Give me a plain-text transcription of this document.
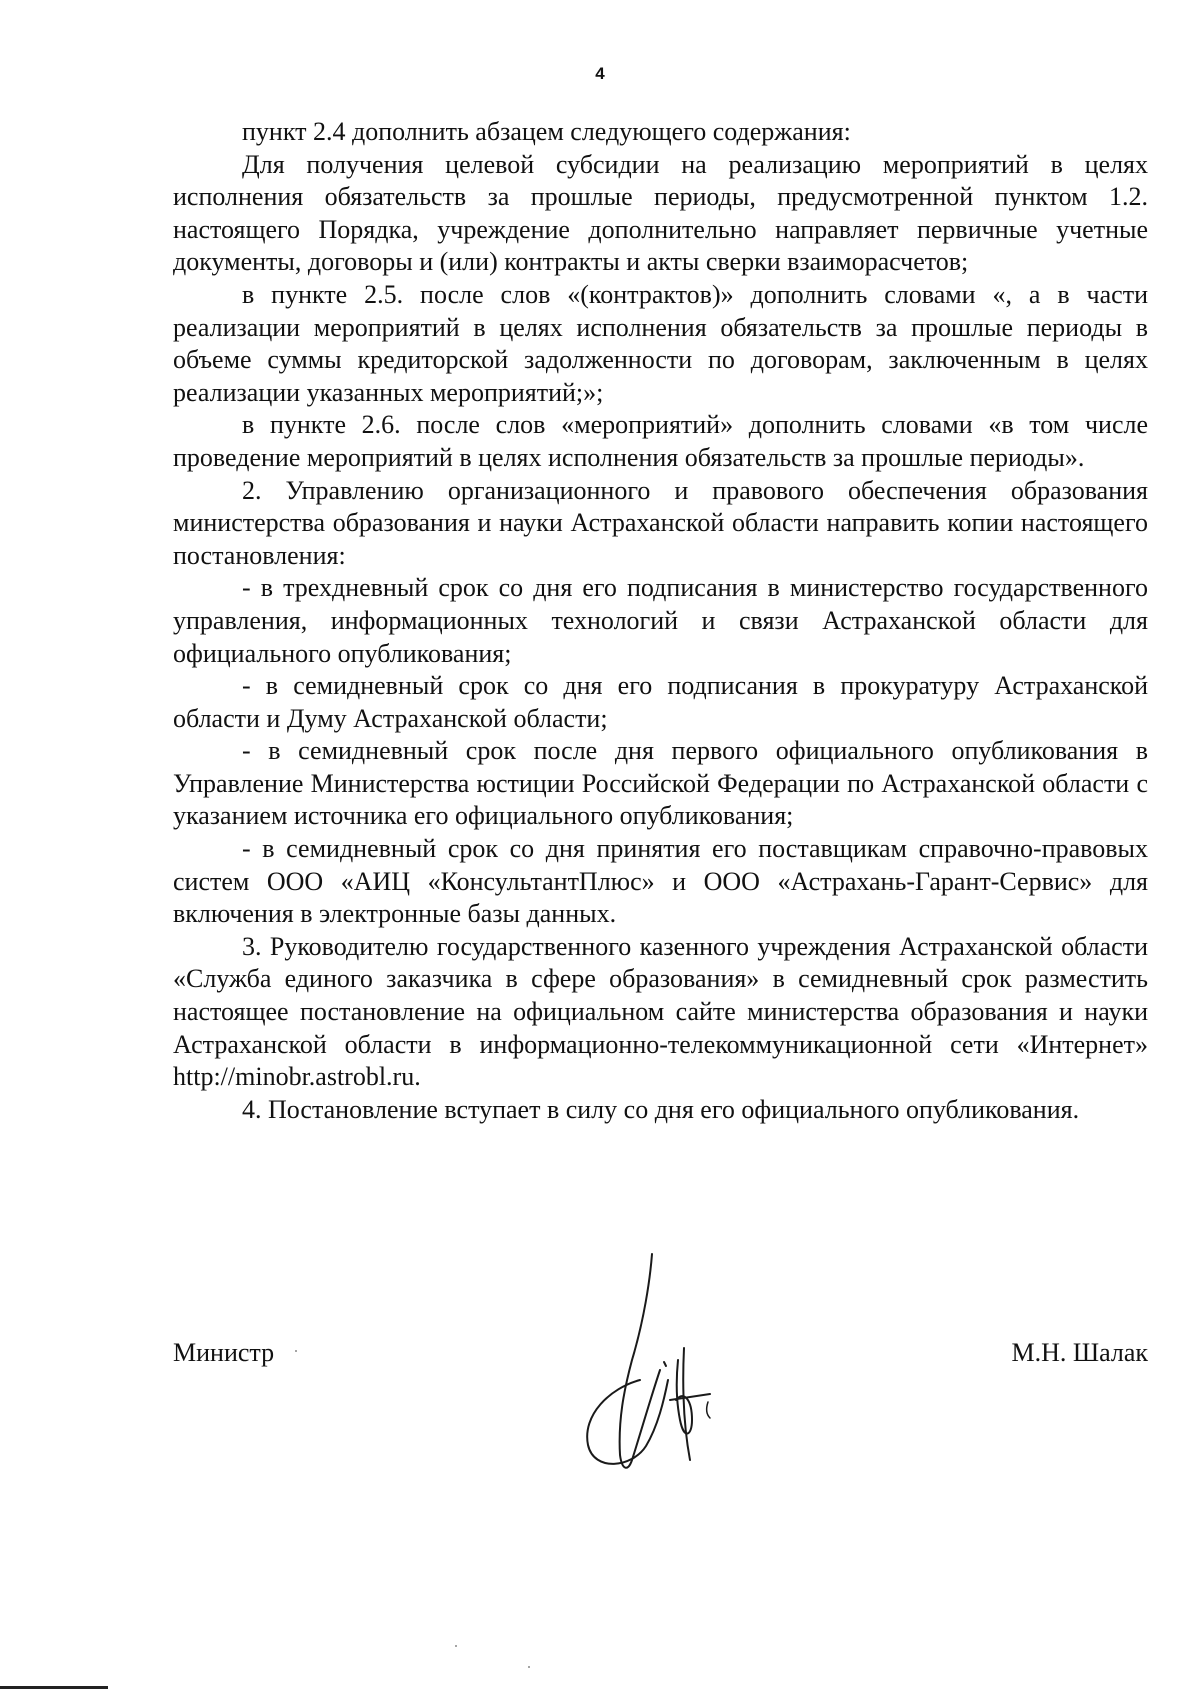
4

пункт 2.4 дополнить абзацем следующего содержания:

Для получения целевой субсидии на реализацию мероприятий в целях исполнения обязательств за прошлые периоды, предусмотренной пунктом 1.2. настоящего Порядка, учреждение дополнительно направляет первичные учетные документы, договоры и (или) контракты и акты сверки взаиморасчетов;

в пункте 2.5. после слов «(контрактов)» дополнить словами «, а в части реализации мероприятий в целях исполнения обязательств за прошлые периоды в объеме суммы кредиторской задолженности по договорам, заключенным в целях реализации указанных мероприятий;»;

в пункте 2.6. после слов «мероприятий» дополнить словами «в том числе проведение мероприятий в целях исполнения обязательств за прошлые периоды».

2. Управлению организационного и правового обеспечения образования министерства образования и науки Астраханской области направить копии настоящего постановления:

- в трехдневный срок со дня его подписания в министерство государственного управления, информационных технологий и связи Астраханской области для официального опубликования;

- в семидневный срок со дня его подписания в прокуратуру Астраханской области и Думу Астраханской области;

- в семидневный срок после дня первого официального опубликования в Управление Министерства юстиции Российской Федерации по Астраханской области с указанием источника его официального опубликования;

- в семидневный срок со дня принятия его поставщикам справочно-правовых систем ООО «АИЦ «КонсультантПлюс» и ООО «Астрахань-Гарант-Сервис» для включения в электронные базы данных.

3. Руководителю государственного казенного учреждения Астраханской области «Служба единого заказчика в сфере образования» в семидневный срок разместить настоящее постановление на официальном сайте министерства образования и науки Астраханской области в информационно-телекоммуникационной сети «Интернет» http://minobr.astrobl.ru.

4. Постановление вступает в силу со дня его официального опубликования.

Министр	М.Н. Шалак
